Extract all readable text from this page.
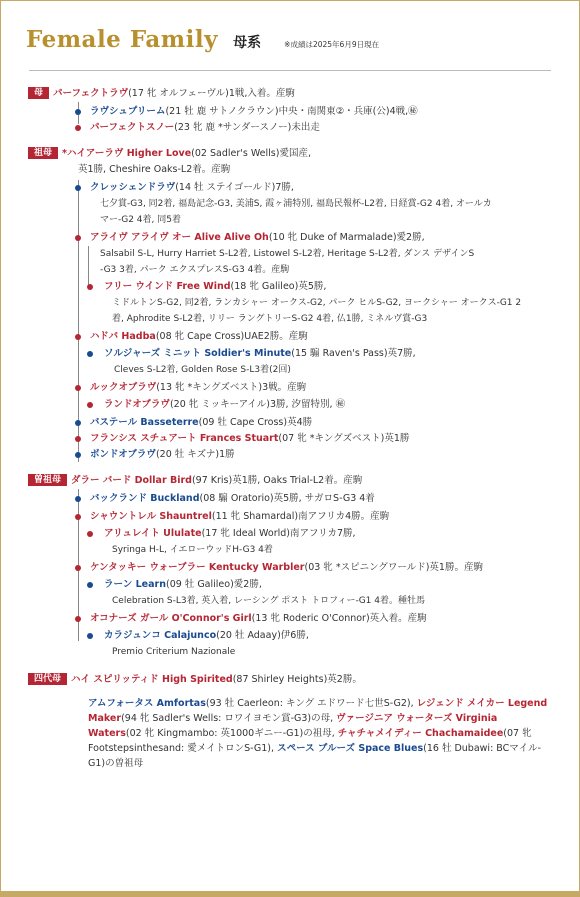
Female Family 母系	※成績は2025年6月9日現在
母 パーフェクトラヴ(17 牝 オルフェーヴル)1戦,入着。産駒
ラヴシュプリーム(21 牡 鹿 サトノクラウン)中央・南関東②・兵庫(公)4戦,㊙
パーフェクトスノー(23 牝 鹿 *サンダースノー)未出走
祖母 *ハイアーラヴ Higher Love(02 Sadler's Wells)愛国産,
英1勝, Cheshire Oaks-L2着。産駒
クレッシェンドラヴ(14 牡 ステイゴールド)7勝,
七夕賞-G3, 同2着, 福島記念-G3, 美浦S, 霞ヶ浦特別, 福島民報杯-L2着, 日経賞-G2 4着, オールカ
マー-G2 4着, 同5着
アライヴ アライヴ オー Alive Alive Oh(10 牝 Duke of Marmalade)愛2勝,
Salsabil S-L, Hurry Harriet S-L2着, Listowel S-L2着, Heritage S-L2着, ダンス デザインS
-G3 3着, パーク エクスプレスS-G3 4着。産駒
フリー ウインド Free Wind(18 牝 Galileo)英5勝,
ミドルトンS-G2, 同2着, ランカシャー オークス-G2, パーク ヒルS-G2, ヨークシャー オークス-G1 2
着, Aphrodite S-L2着, リリー ラングトリーS-G2 4着, 仏1勝, ミネルヴ賞-G3
ハドバ Hadba(08 牝 Cape Cross)UAE2勝。産駒
ソルジャーズ ミニット Soldier's Minute(15 騸 Raven's Pass)英7勝,
Cleves S-L2着, Golden Rose S-L3着(2回)
ルックオブラヴ(13 牝 *キングズベスト)3戦。産駒
ランドオブラヴ(20 牝 ミッキーアイル)3勝, 汐留特別, ㊙
バステール Basseterre(09 牡 Cape Cross)英4勝
フランシス スチュアート Frances Stuart(07 牝 *キングズベスト)英1勝
ボンドオブラヴ(20 牡 キズナ)1勝
曽祖母 ダラー バード Dollar Bird(97 Kris)英1勝, Oaks Trial-L2着。産駒
バックランド Buckland(08 騸 Oratorio)英5勝, サガロS-G3 4着
シャウントレル Shauntrel(11 牝 Shamardal)南アフリカ4勝。産駒
アリュレイト Ululate(17 牝 Ideal World)南アフリカ7勝,
Syringa H-L, イエローウッドH-G3 4着
ケンタッキー ウォーブラー Kentucky Warbler(03 牝 *スピニングワールド)英1勝。産駒
ラーン Learn(09 牡 Galileo)愛2勝,
Celebration S-L3着, 英入着, レーシング ポスト トロフィー-G1 4着。種牡馬
オコナーズ ガール O'Connor's Girl(13 牝 Roderic O'Connor)英入着。産駒
カラジュンコ Calajunco(20 牡 Adaay)伊6勝,
Premio Criterium Nazionale
四代母 ハイ スピリッティド High Spirited(87 Shirley Heights)英2勝。
アムフォータス Amfortas(93 牡 Caerleon: キング エドワード七世S-G2), レジェンド メイカー Legend Maker(94 牝 Sadler's Wells: ロワイヨモン賞-G3)の母, ヴァージニア ウォーターズ Virginia Waters(02 牝 Kingmambo: 英1000ギニー-G1)の祖母, チャチャメイディー Chachamaidee(07 牝 Footstepsinthesand: 愛メイトロンS-G1), スペース ブルーズ Space Blues(16 牡 Dubawi: BCマイル-G1)の曽祖母
